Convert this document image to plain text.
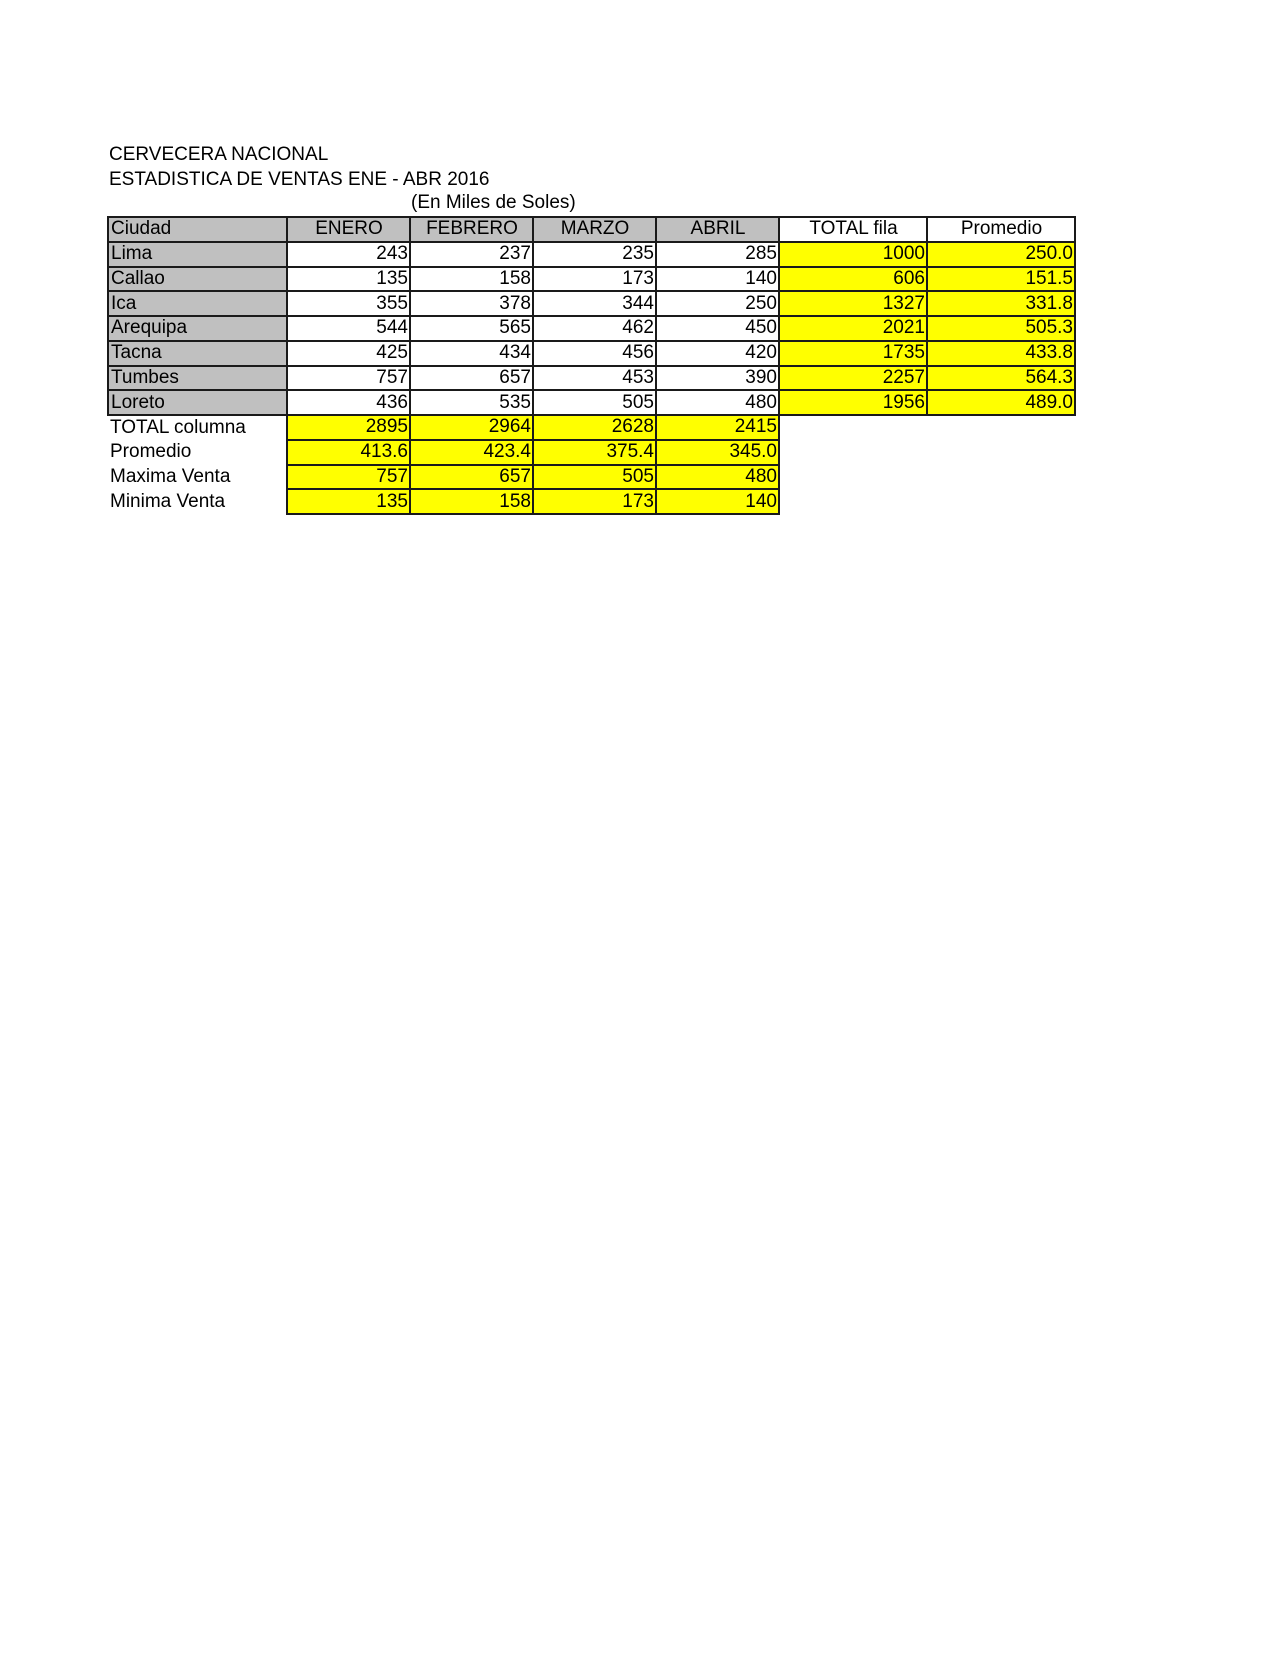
CERVECERA NACIONAL
ESTADISTICA DE VENTAS ENE - ABR 2016
(En Miles de Soles)
Ciudad	ENERO	FEBRERO	MARZO	ABRIL	TOTAL fila	Promedio
Lima	243	237	235	285	1000	250.0
Callao	135	158	173	140	606	151.5
Ica	355	378	344	250	1327	331.8
Arequipa	544	565	462	450	2021	505.3
Tacna	425	434	456	420	1735	433.8
Tumbes	757	657	453	390	2257	564.3
Loreto	436	535	505	480	1956	489.0
TOTAL columna	2895	2964	2628	2415		
Promedio	413.6	423.4	375.4	345.0		
Maxima Venta	757	657	505	480		
Minima Venta	135	158	173	140		
